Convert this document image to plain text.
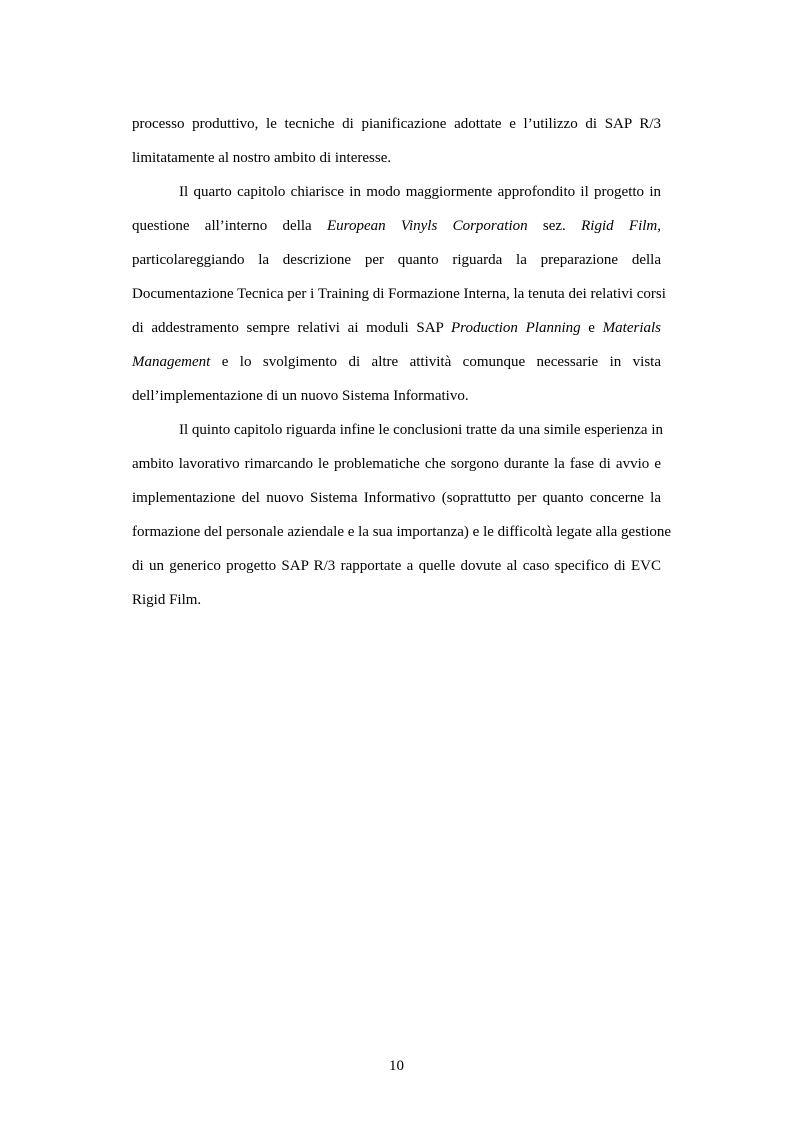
processo produttivo, le tecniche di pianificazione adottate e l’utilizzo di SAP R/3
limitatamente al nostro ambito di interesse.
Il quarto capitolo chiarisce in modo maggiormente approfondito il progetto in
questione all’interno della European Vinyls Corporation sez. Rigid Film,
particolareggiando la descrizione per quanto riguarda la preparazione della
Documentazione Tecnica per i Training di Formazione Interna, la tenuta dei relativi corsi
di addestramento sempre relativi ai moduli SAP Production Planning e Materials
Management e lo svolgimento di altre attività comunque necessarie in vista
dell’implementazione di un nuovo Sistema Informativo.
Il quinto capitolo riguarda infine le conclusioni tratte da una simile esperienza in
ambito lavorativo rimarcando le problematiche che sorgono durante la fase di avvio e
implementazione del nuovo Sistema Informativo (soprattutto per quanto concerne la
formazione del personale aziendale e la sua importanza) e le difficoltà legate alla gestione
di un generico progetto SAP R/3 rapportate a quelle dovute al caso specifico di EVC
Rigid Film.
10
